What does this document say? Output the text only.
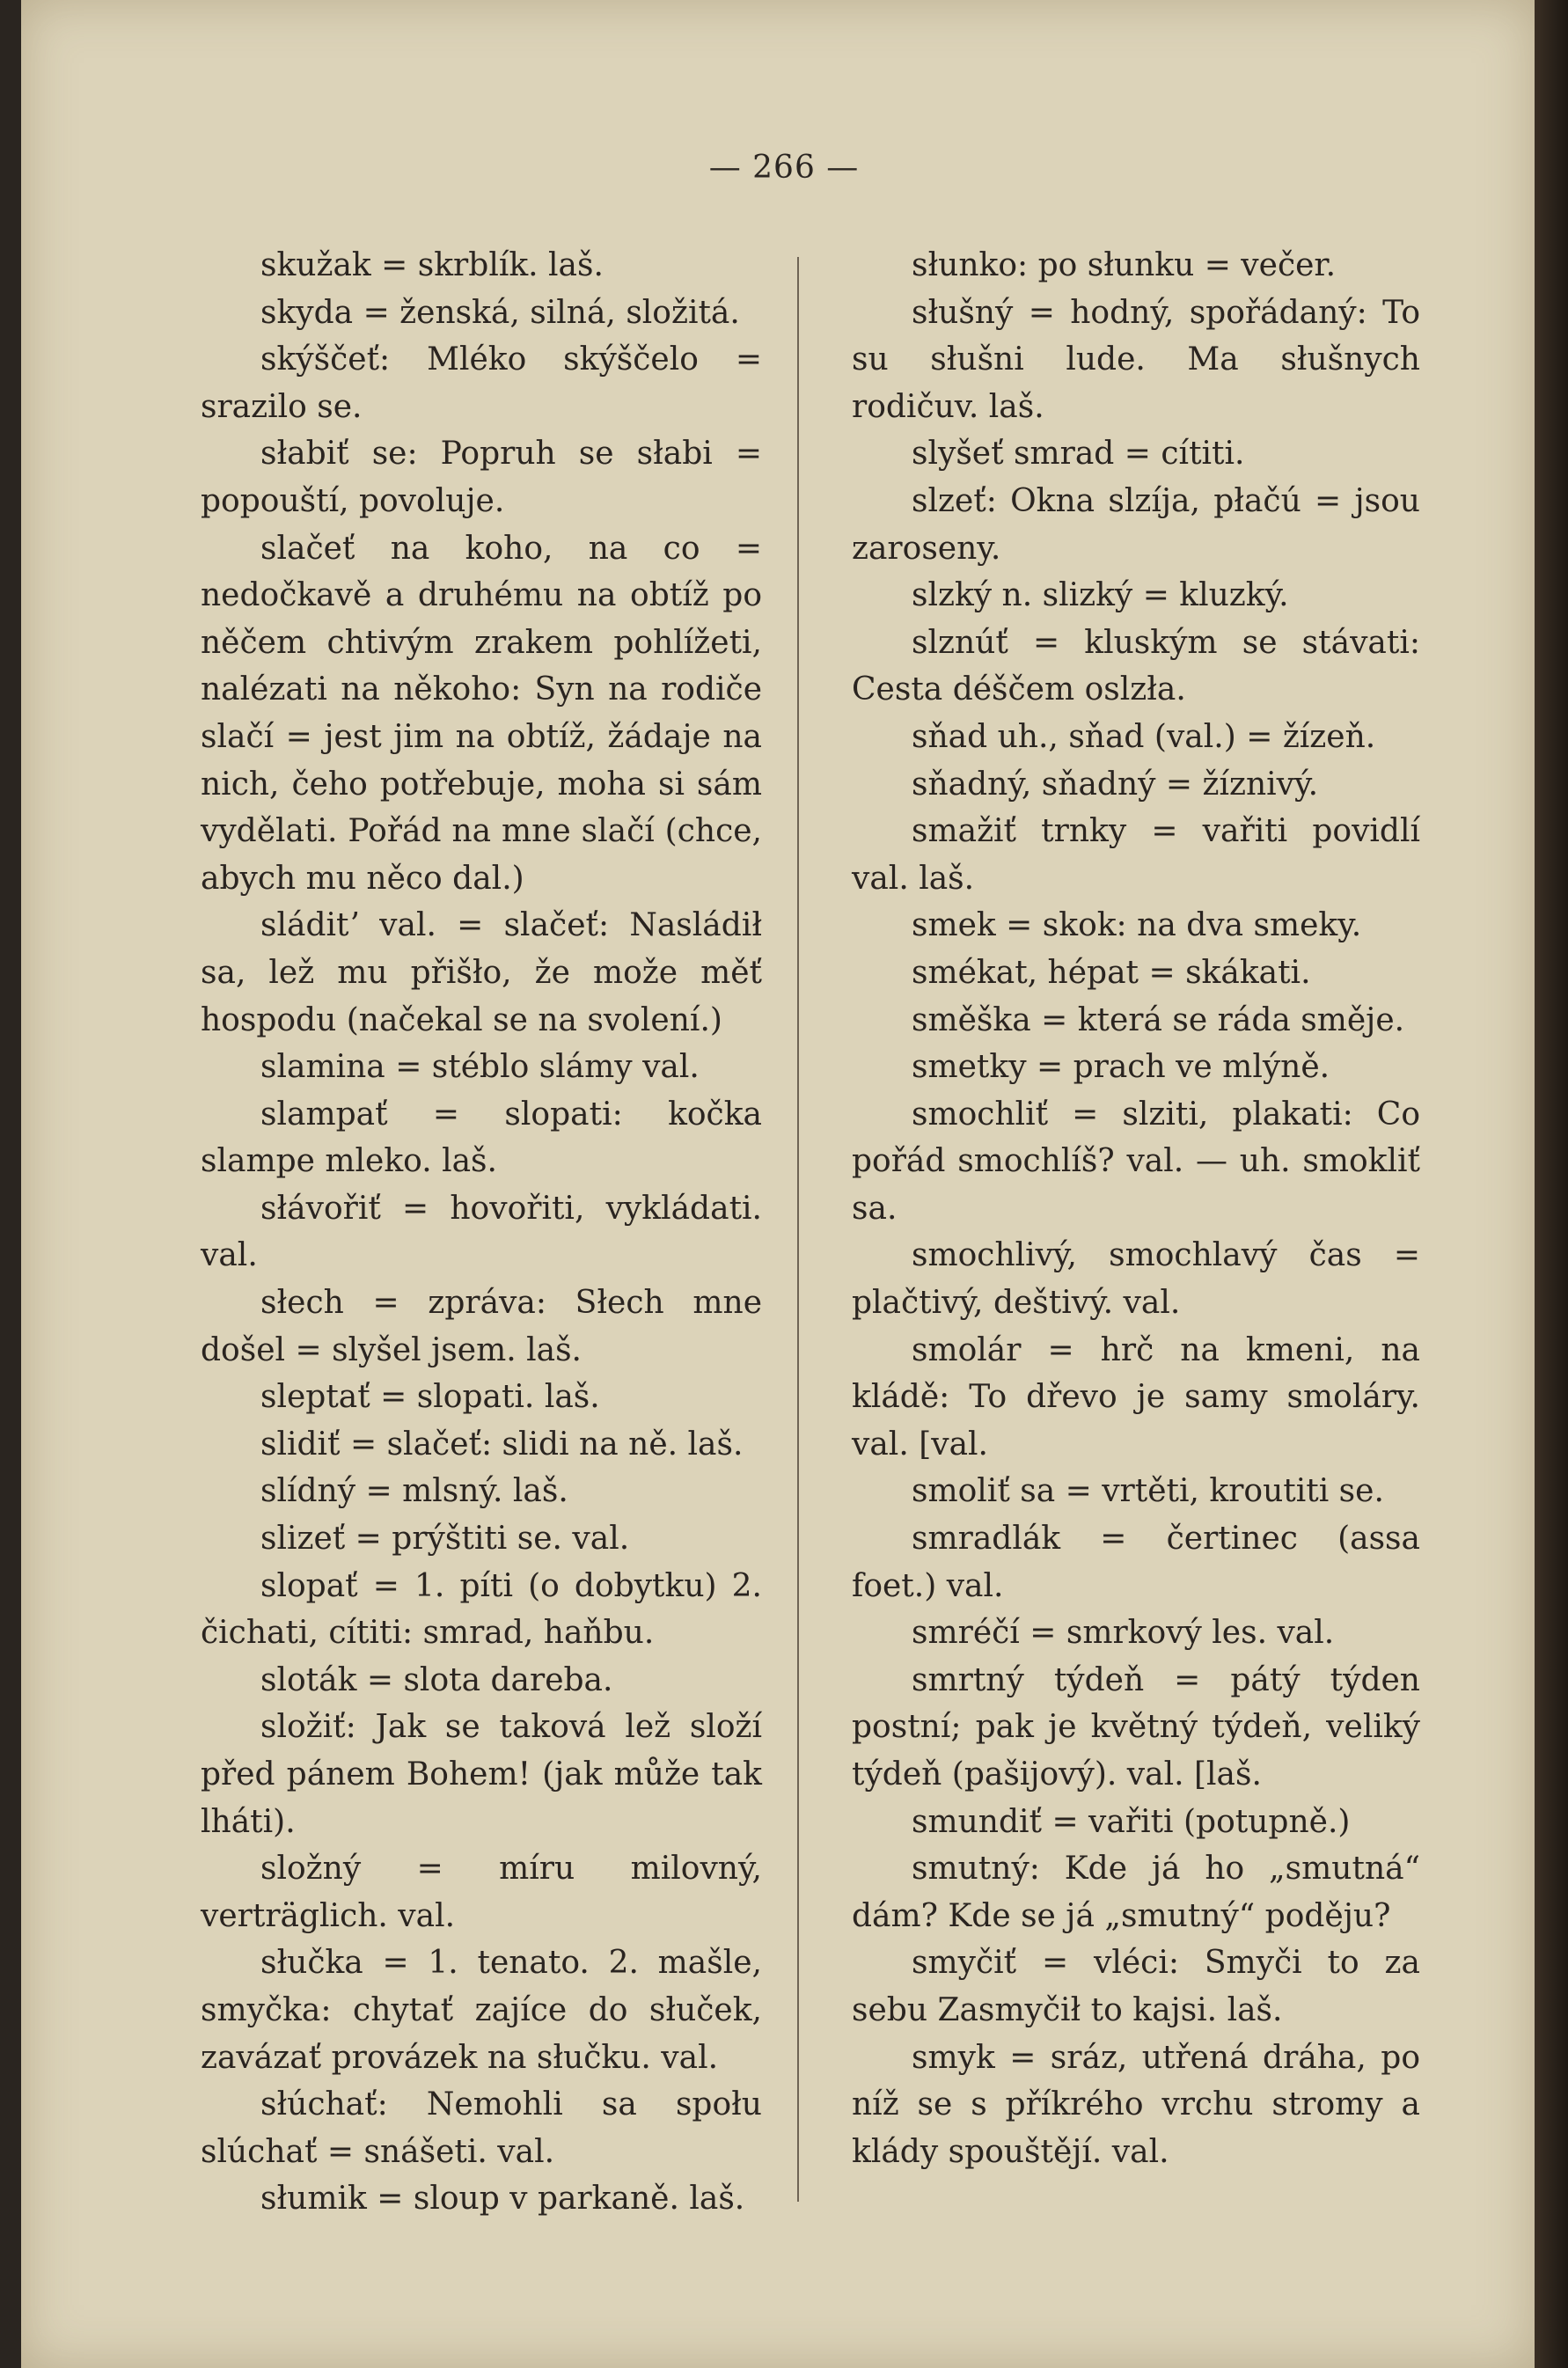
— 266 —

skužak = skrblík. laš.

skyda = ženská, silná, složitá.

skýščeť: Mléko skýščelo = srazilo se.

słabiť se: Popruh se słabi = popouští, povoluje.

slačeť na koho, na co = nedočkavě a druhému na obtíž po něčem chtivým zrakem pohlížeti, nalézati na někoho: Syn na rodiče slačí = jest jim na obtíž, žádaje na nich, čeho potřebuje, moha si sám vydělati. Pořád na mne slačí (chce, abych mu něco dal.)

sláditʼ val. = slačeť: Nasládił sa, lež mu přišło, že može měť hospodu (načekal se na svolení.)

slamina = stéblo slámy val.

slampať = slopati: kočka slampe mleko. laš.

słávořiť = hovořiti, vykládati. val.

słech = zpráva: Słech mne došel = slyšel jsem. laš.

sleptať = slopati. laš.

slidiť = slačeť: slidi na ně. laš.

slídný = mlsný. laš.

slizeť = prýštiti se. val.

slopať = 1. píti (o dobytku) 2. čichati, cítiti: smrad, haňbu.

sloták = slota dareba.

složiť: Jak se taková lež složí před pánem Bohem! (jak může tak lháti).

složný = míru milovný, verträglich. val.

słučka = 1. tenato. 2. mašle, smyčka: chytať zajíce do słuček, zavázať provázek na słučku. val.

słúchať: Nemohli sa społu slúchať = snášeti. val.

słumik = sloup v parkaně. laš.

słunko: po słunku = večer.

słušný = hodný, spořádaný: To su słušni lude. Ma słušnych rodičuv. laš.

slyšeť smrad = cítiti.

slzeť: Okna slzíja, płačú = jsou zaroseny.

slzký n. slizký = kluzký.

slznúť = kluským se stávati: Cesta déščem oslzła.

sňad uh., sňad (val.) = žízeň.

sňadný, sňadný = žíznivý.

smažiť trnky = vařiti povidlí val. laš.

smek = skok: na dva smeky.

smékat, hépat = skákati.

směška = která se ráda směje.

smetky = prach ve mlýně.

smochliť = slziti, plakati: Co pořád smochlíš? val. — uh. smokliť sa.

smochlivý, smochlavý čas = plačtivý, deštivý. val.

smolár = hrč na kmeni, na kládě: To dřevo je samy smoláry. val. [val.

smoliť sa = vrtěti, kroutiti se.

smradlák = čertinec (assa foet.) val.

smréčí = smrkový les. val.

smrtný týdeň = pátý týden postní; pak je květný týdeň, veliký týdeň (pašijový). val. [laš.

smundiť = vařiti (potupně.)

smutný: Kde já ho „smutná“ dám? Kde se já „smutný“ poděju?

smyčiť = vléci: Smyči to za sebu Zasmyčił to kajsi. laš.

smyk = sráz, utřená dráha, po níž se s příkrého vrchu stromy a klády spouštějí. val.
